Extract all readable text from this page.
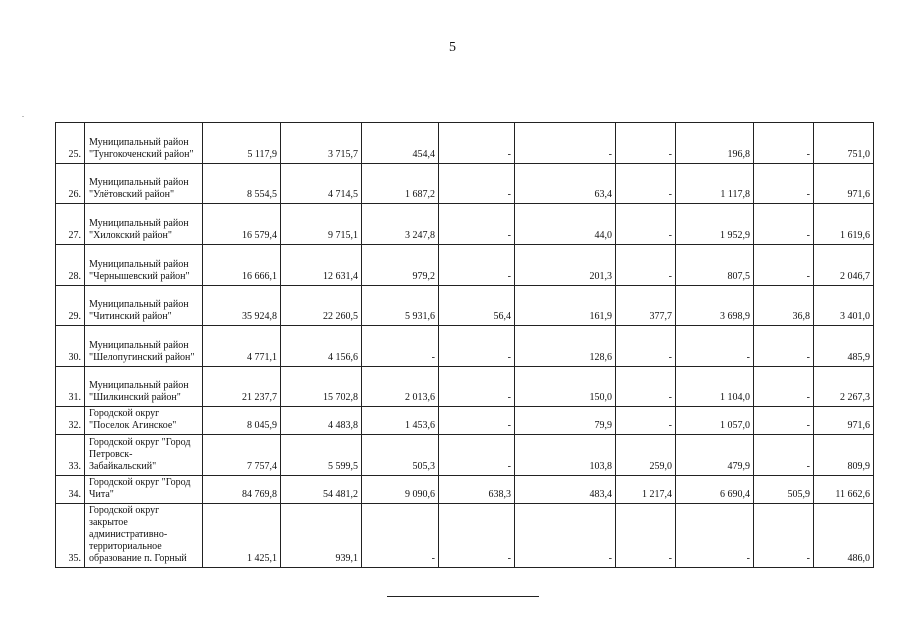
5
.
25.	Муниципальный район "Тунгокоченский район"	5 117,9	3 715,7	454,4	-	-	-	196,8	-	751,0
26.	Муниципальный район "Улётовский район"	8 554,5	4 714,5	1 687,2	-	63,4	-	1 117,8	-	971,6
27.	Муниципальный район "Хилокский район"	16 579,4	9 715,1	3 247,8	-	44,0	-	1 952,9	-	1 619,6
28.	Муниципальный район "Чернышевский район"	16 666,1	12 631,4	979,2	-	201,3	-	807,5	-	2 046,7
29.	Муниципальный район "Читинский район"	35 924,8	22 260,5	5 931,6	56,4	161,9	377,7	3 698,9	36,8	3 401,0
30.	Муниципальный район "Шелопугинский район"	4 771,1	4 156,6	-	-	128,6	-	-	-	485,9
31.	Муниципальный район "Шилкинский район"	21 237,7	15 702,8	2 013,6	-	150,0	-	1 104,0	-	2 267,3
32.	Городской округ "Поселок Агинское"	8 045,9	4 483,8	1 453,6	-	79,9	-	1 057,0	-	971,6
33.	Городской округ "Город Петровск-Забайкальский"	7 757,4	5 599,5	505,3	-	103,8	259,0	479,9	-	809,9
34.	Городской округ "Город Чита"	84 769,8	54 481,2	9 090,6	638,3	483,4	1 217,4	6 690,4	505,9	11 662,6
35.	Городской округ закрытое административно-территориальное образование п. Горный	1 425,1	939,1	-	-	-	-	-	-	486,0
